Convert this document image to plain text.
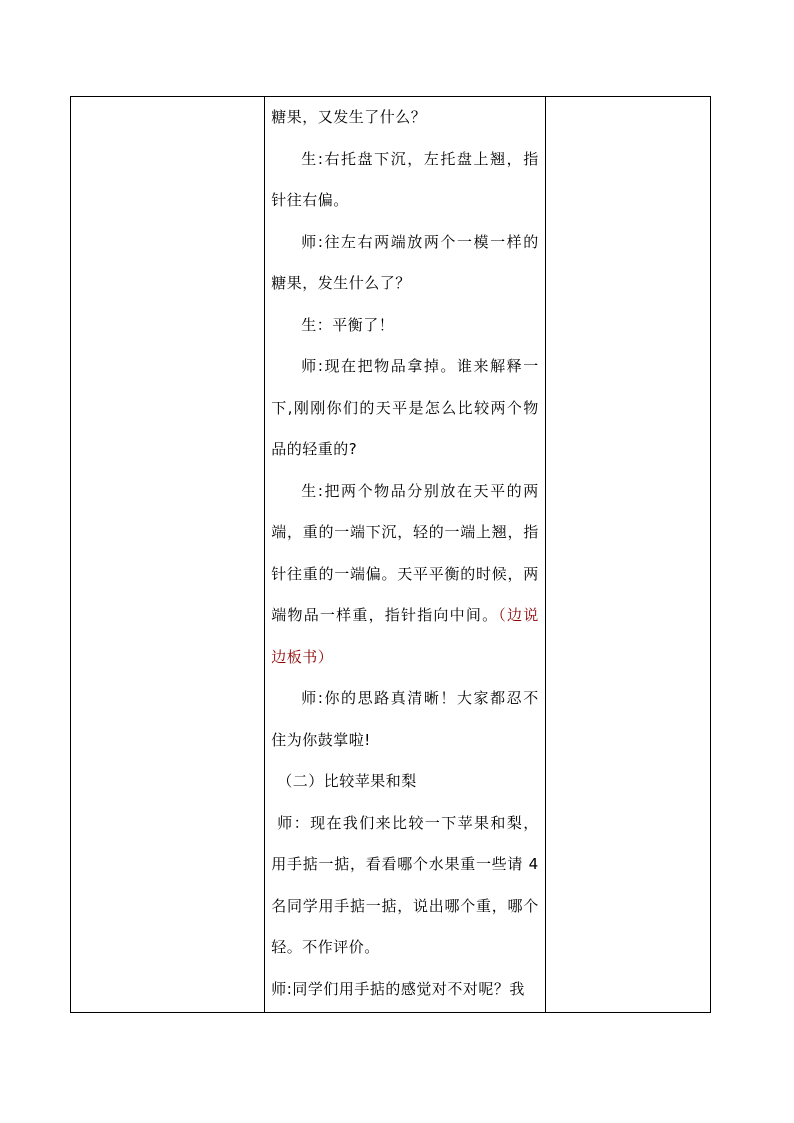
糖果，又发生了什么？

生:右托盘下沉，左托盘上翘，指针往右偏。

师:往左右两端放两个一模一样的糖果，发生什么了？

生：平衡了！

师:现在把物品拿掉。谁来解释一下,刚刚你们的天平是怎么比较两个物品的轻重的?

生:把两个物品分别放在天平的两端，重的一端下沉，轻的一端上翘，指针往重的一端偏。天平平衡的时候，两端物品一样重，指针指向中间。（边说边板书）

师:你的思路真清晰！大家都忍不住为你鼓掌啦!

（二）比较苹果和梨

师：现在我们来比较一下苹果和梨，用手掂一掂，看看哪个水果重一些请 4 名同学用手掂一掂，说出哪个重，哪个轻。不作评价。

师:同学们用手掂的感觉对不对呢？我
